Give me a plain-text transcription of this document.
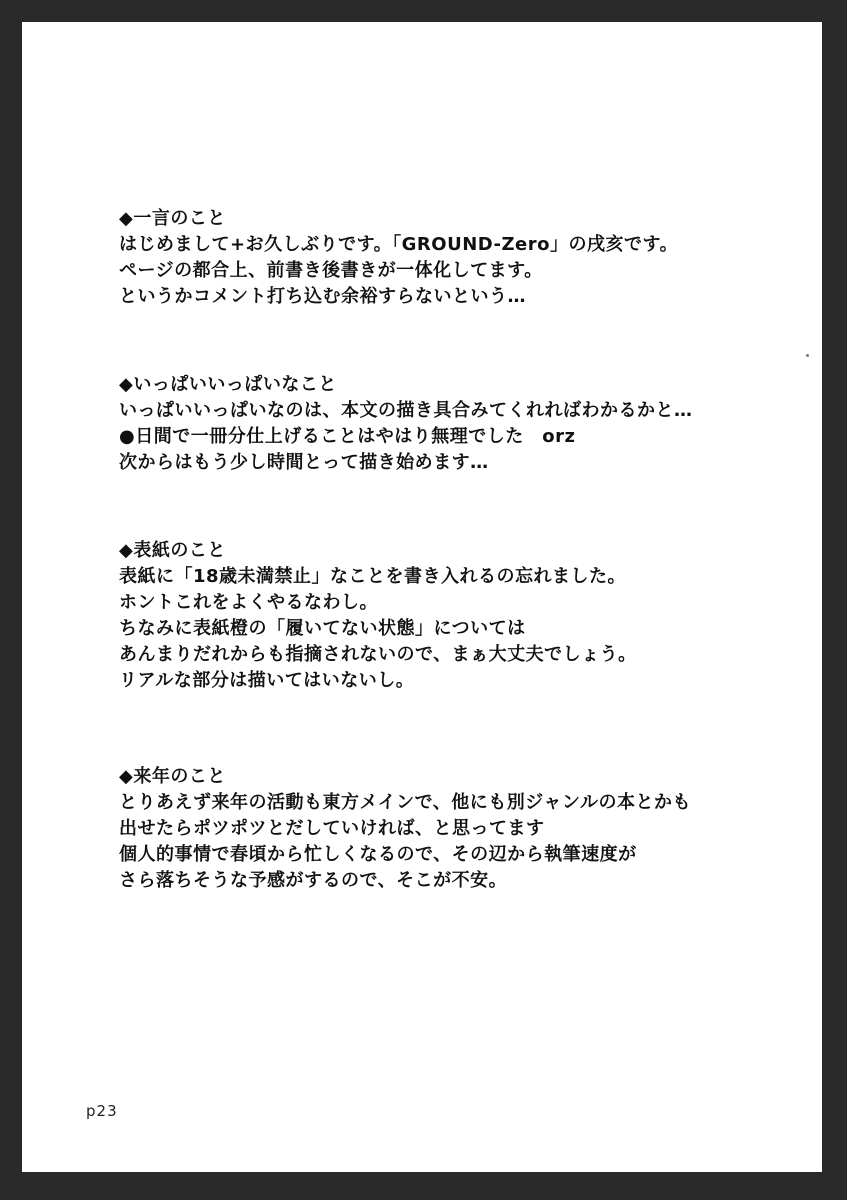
◆一言のこと
はじめまして+お久しぶりです。「GROUND-Zero」の戌亥です。
ページの都合上、前書き後書きが一体化してます。
というかコメント打ち込む余裕すらないという…
◆いっぱいいっぱいなこと
いっぱいいっぱいなのは、本文の描き具合みてくれればわかるかと…
●日間で一冊分仕上げることはやはり無理でした　orz
次からはもう少し時間とって描き始めます…
◆表紙のこと
表紙に「18歳未満禁止」なことを書き入れるの忘れました。
ホントこれをよくやるなわし。
ちなみに表紙橙の「履いてない状態」については
あんまりだれからも指摘されないので、まぁ大丈夫でしょう。
リアルな部分は描いてはいないし。
◆来年のこと
とりあえず来年の活動も東方メインで、他にも別ジャンルの本とかも
出せたらポツポツとだしていければ、と思ってます
個人的事情で春頃から忙しくなるので、その辺から執筆速度が
さら落ちそうな予感がするので、そこが不安。
p23
